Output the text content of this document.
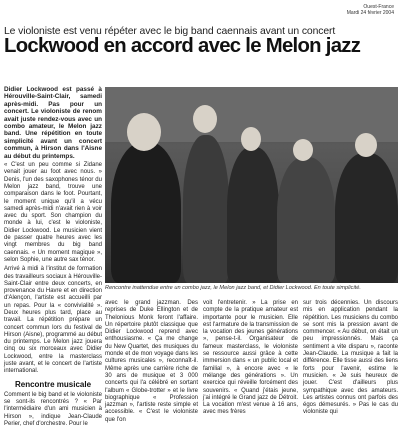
Ouest-France
Mardi 24 février 2004
Le violoniste est venu répéter avec le big band caennais avant un concert
Lockwood en accord avec le Melon jazz

Didier Lockwood est passé à Hérouville-Saint-Clair, samedi après-midi. Pas pour un concert. Le violoniste de renom avait juste rendez-vous avec un combo amateur, le Melon jazz band. Une répétition en toute simplicité avant un concert commun, à Hirson dans l'Aisne au début du printemps.

« C'est un peu comme si Zidane venait jouer au foot avec nous. » Denis, l'un des saxophones ténor du Melon jazz band, trouve une comparaison dans le foot. Pourtant, le moment unique qu'il a vécu samedi après-midi n'avait rien à voir avec du sport. Son champion du monde à lui, c'est le violoniste, Didier Lockwood. Le musicien vient de passer quatre heures avec les vingt membres du big band caennais. « Un moment magique », selon Sophie, une autre sax ténor.

Arrivé à midi à l'institut de formation des travailleurs sociaux à Hérouville-Saint-Clair entre deux concerts, en provenance du Havre et en direction d'Alençon, l'artiste est accueilli par un repas. Pour la « convivialité ». Deux heures plus tard, place au travail. La répétition prépare un concert commun lors du festival de Hirson (Aisne), programmé au début du printemps. Le Melon jazz jouera cinq ou six morceaux avec Didier Lockwood, entre la masterclass juste avant, et le concert de l'artiste international.

Rencontre musicale

Comment le big band et le violoniste se sont-ils rencontrés ? « Par l'intermédiaire d'un ami musicien à Hirson », indique Jean-Claude Perier, chef d'orchestre. Pour le

Rencontre inattendue entre un combo jazz, le Melon jazz band, et Didier Lockwood. En toute simplicité.

avec le grand jazzman. Des reprises de Duke Ellington et de Thelonious Monk feront l'affaire. Un répertoire plutôt classique que Didier Lockwood reprend avec enthousiasme. « Ça me change du New Quartet, des musiques du monde et de mon voyage dans les cultures musicales », reconnaît-il. Même après une carrière riche de 30 ans de musique et 3 000 concerts qui l'a célébré en sortant l'album « Globe-trotter » et le livre biographique « Profession jazzman », l'artiste reste simple et accessible. « C'est le violoniste que l'on

voit l'entretenir. » La prise en compte de la pratique amateur est importante pour le musicien. Elle est l'armature de la transmission de la vocation des jeunes générations », pense-t-il. Organisateur de fameux masterclass, le violoniste se ressource aussi grâce à cette immersion dans « un public local et familial », à encore avec « le mélange des générations ». Un exercice qui réveille forcément des souvenirs. « Quand j'étais jeune, j'ai intégré le Grand jazz de Détroit. La vocation m'est venue à 16 ans, avec mes frères

sur trois décennies. Un discours mis en application pendant la répétition. Les musiciens du combo se sont mis la pression avant de commencer. « Au début, on était un peu impressionnés. Mais ça sentiment a vite disparu », raconte Jean-Claude. La musique a fait la différence. Elle tisse aussi des liens forts pour l'avenir, estime le musicien. « Je suis heureux de jouer. C'est d'ailleurs plus sympathique avec des amateurs. Les artistes connus ont parfois des égos démesurés. » Pas le cas du violoniste qui
